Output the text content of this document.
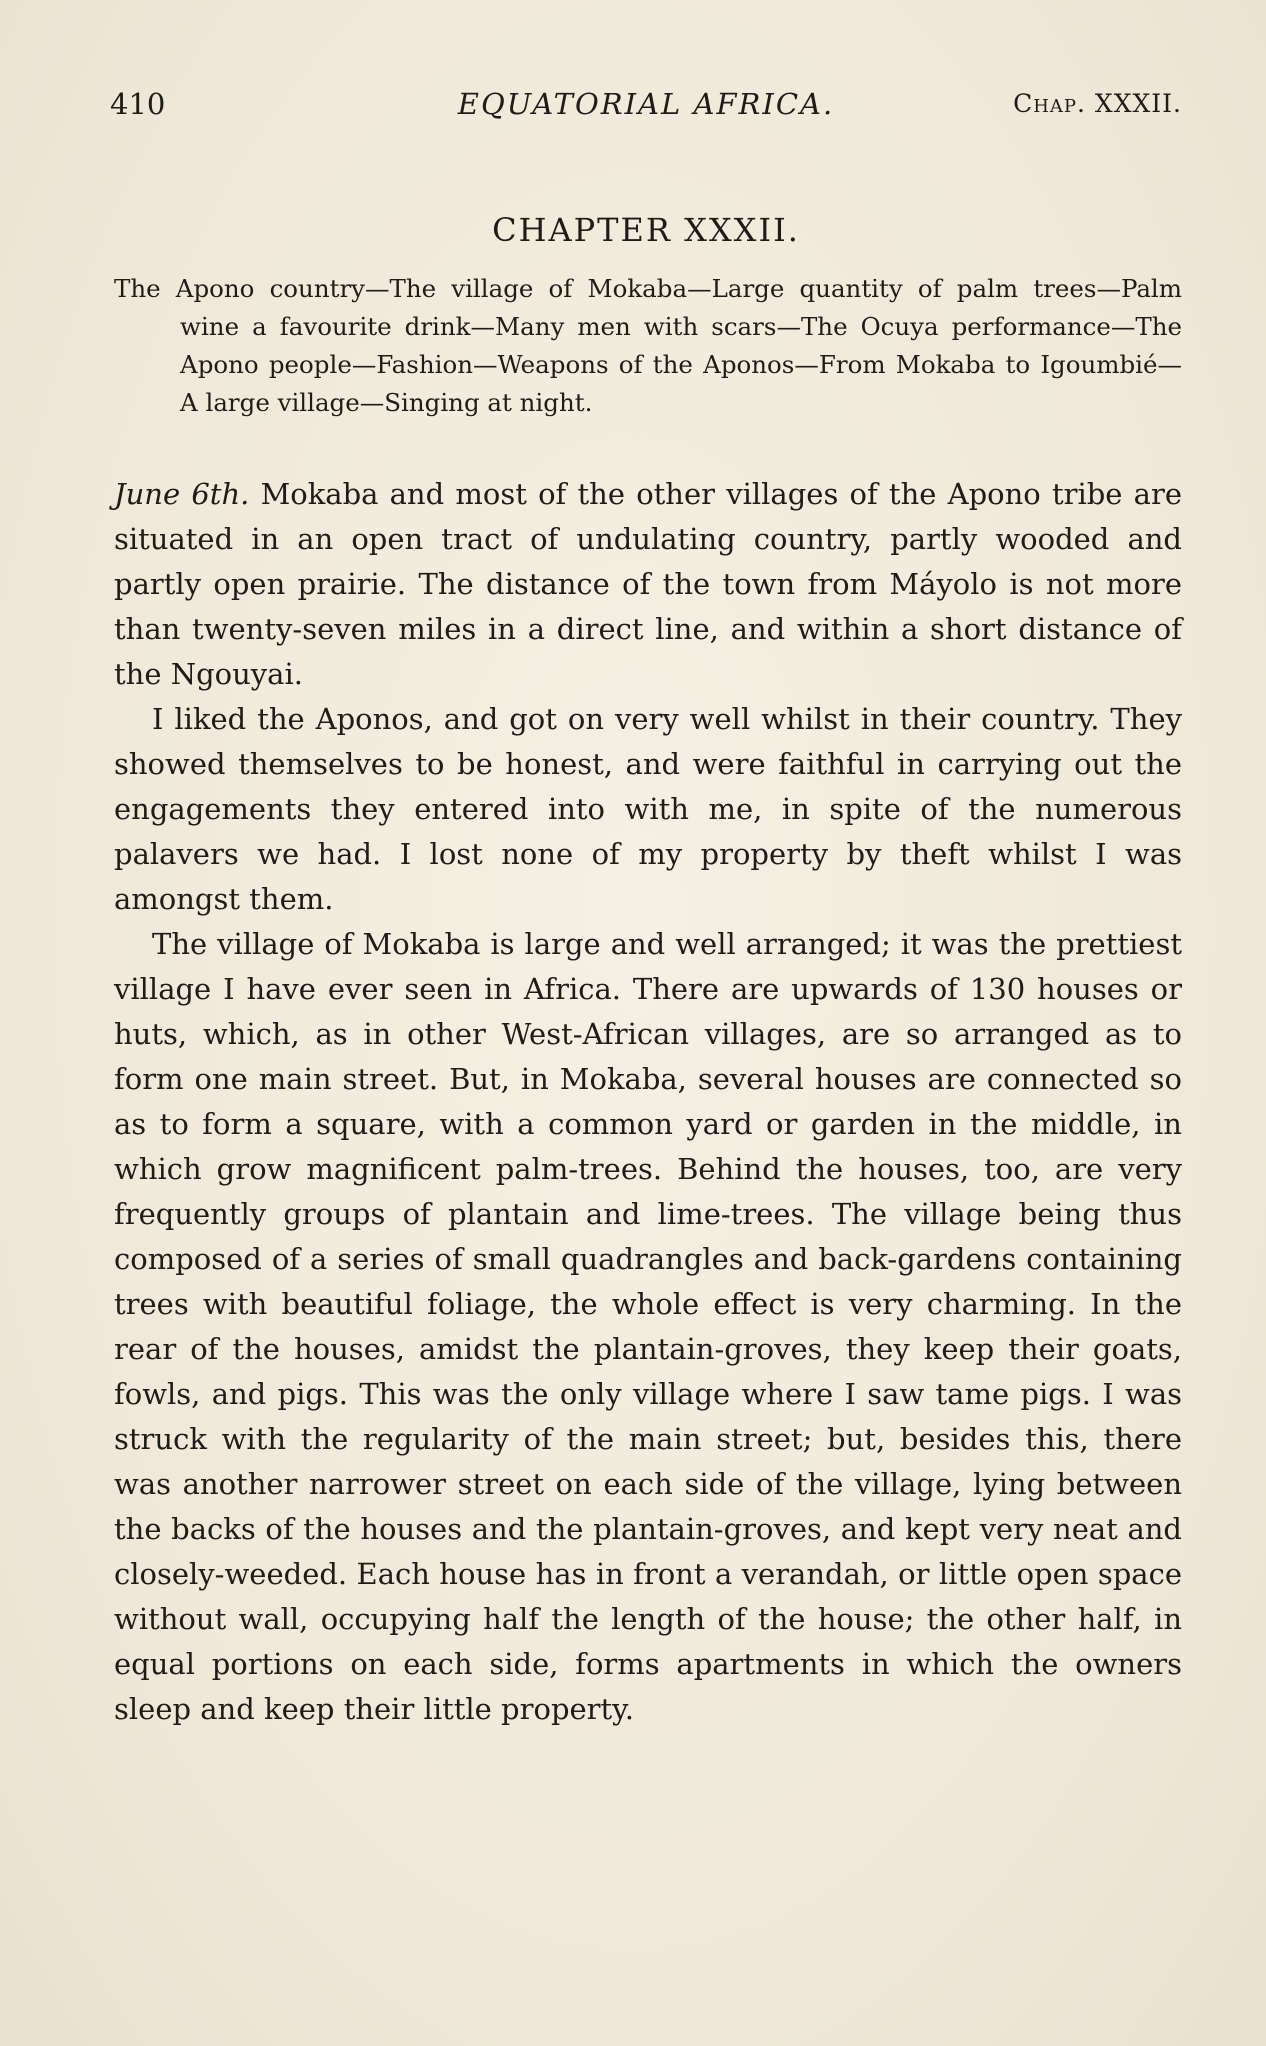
410	EQUATORIAL AFRICA.	Chap. XXXII.
CHAPTER XXXII.
The Apono country—The village of Mokaba—Large quantity of palm trees—Palm wine a favourite drink—Many men with scars—The Ocuya performance—The Apono people—Fashion—Weapons of the Aponos—From Mokaba to Igoumbié—A large village—Singing at night.

June 6th. Mokaba and most of the other villages of the Apono tribe are situated in an open tract of undulating country, partly wooded and partly open prairie. The distance of the town from Máyolo is not more than twenty-seven miles in a direct line, and within a short distance of the Ngouyai.

I liked the Aponos, and got on very well whilst in their country. They showed themselves to be honest, and were faithful in carrying out the engagements they entered into with me, in spite of the numerous palavers we had. I lost none of my property by theft whilst I was amongst them.

The village of Mokaba is large and well arranged; it was the prettiest village I have ever seen in Africa. There are upwards of 130 houses or huts, which, as in other West-African villages, are so arranged as to form one main street. But, in Mokaba, several houses are connected so as to form a square, with a common yard or garden in the middle, in which grow magnificent palm-trees. Behind the houses, too, are very frequently groups of plantain and lime-trees. The village being thus composed of a series of small quadrangles and back-gardens containing trees with beautiful foliage, the whole effect is very charming. In the rear of the houses, amidst the plantain-groves, they keep their goats, fowls, and pigs. This was the only village where I saw tame pigs. I was struck with the regularity of the main street; but, besides this, there was another narrower street on each side of the village, lying between the backs of the houses and the plantain-groves, and kept very neat and closely-weeded. Each house has in front a verandah, or little open space without wall, occupying half the length of the house; the other half, in equal portions on each side, forms apartments in which the owners sleep and keep their little property.
